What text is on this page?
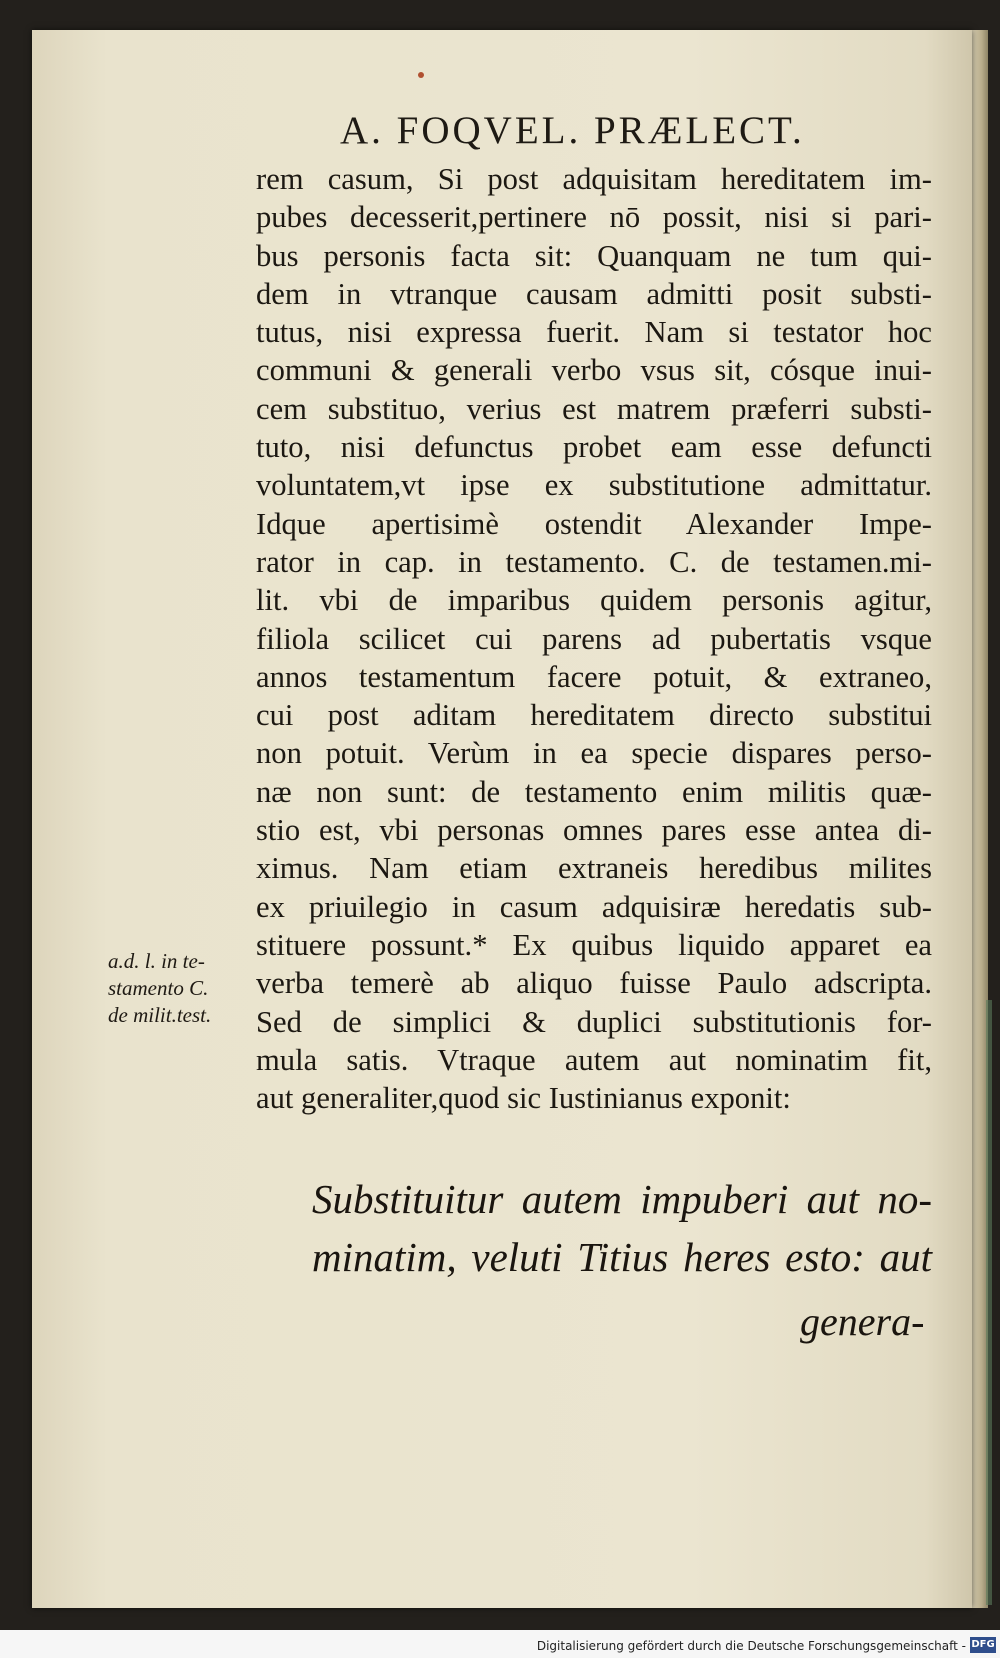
A. FOQVEL. PRÆLECT.
rem casum, Si post adquisitam hereditatem im-
pubes decesserit,pertinere nō possit, nisi si pari-
bus personis facta sit: Quanquam ne tum qui-
dem in vtranque causam admitti posit substi-
tutus, nisi expressa fuerit. Nam si testator hoc
communi & generali verbo vsus sit, cósque inui-
cem substituo, verius est matrem præferri substi-
tuto, nisi defunctus probet eam esse defuncti
voluntatem,vt ipse ex substitutione admittatur.
Idque apertisimè ostendit Alexander Impe-
rator in cap. in testamento. C. de testamen.mi-
lit. vbi de imparibus quidem personis agitur,
filiola scilicet cui parens ad pubertatis vsque
annos testamentum facere potuit, & extraneo,
cui post aditam hereditatem directo substitui
non potuit. Verùm in ea specie dispares perso-
næ non sunt: de testamento enim militis quæ-
stio est, vbi personas omnes pares esse antea di-
ximus. Nam etiam extraneis heredibus milites
ex priuilegio in casum adquisiræ heredatis sub-
stituere possunt.* Ex quibus liquido apparet ea
verba temerè ab aliquo fuisse Paulo adscripta.
Sed de simplici & duplici substitutionis for-
mula satis. Vtraque autem aut nominatim fit,
aut generaliter,quod sic Iustinianus exponit:
a.d. l. in te-
stamento C.
de milit.test.
Substituitur autem impuberi aut no-
minatim, veluti Titius heres esto: aut
genera-
Digitalisierung gefördert durch die Deutsche Forschungsgemeinschaft - DFG
